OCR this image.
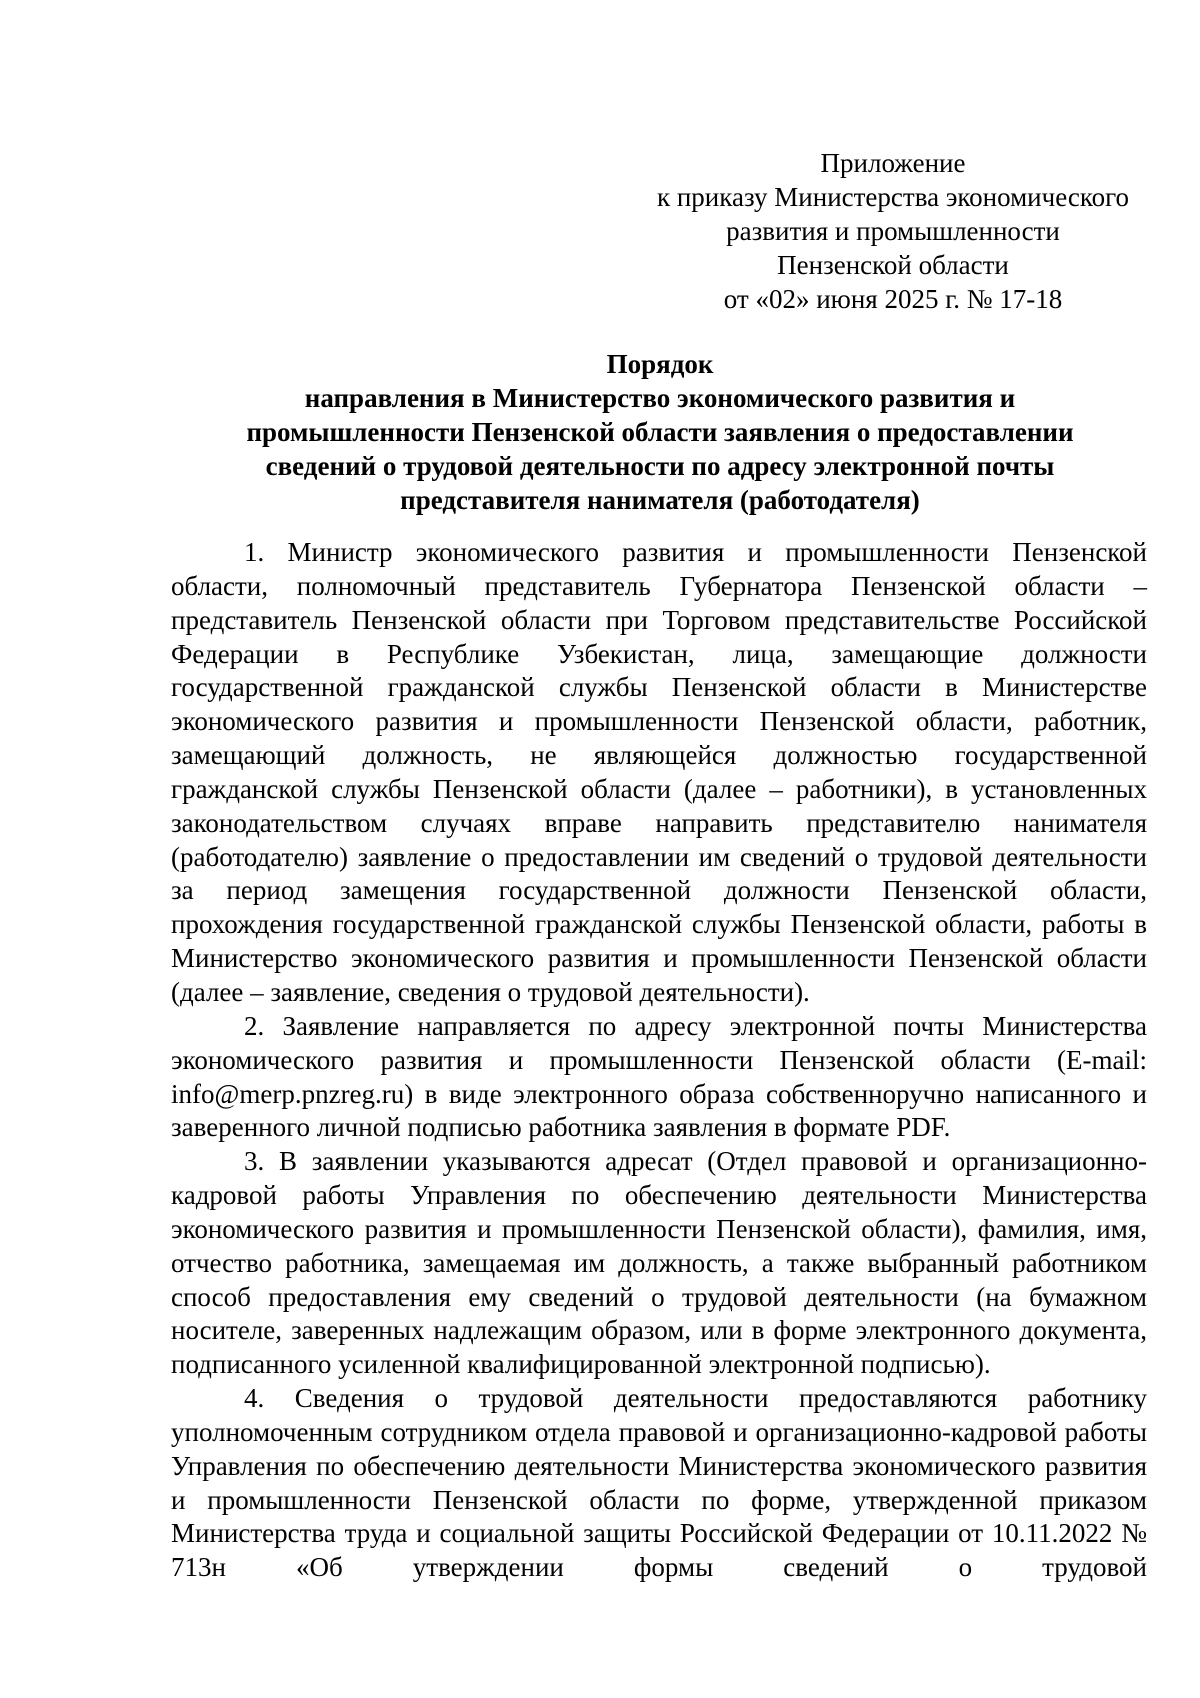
Приложение
к приказу Министерства экономического
развития и промышленности
Пензенской области
от «02» июня 2025 г. № 17-18
Порядок
направления в Министерство экономического развития и
промышленности Пензенской области заявления о предоставлении
сведений о трудовой деятельности по адресу электронной почты
представителя нанимателя (работодателя)

1. Министр экономического развития и промышленности Пензенской области, полномочный представитель Губернатора Пензенской области – представитель Пензенской области при Торговом представительстве Российской Федерации в Республике Узбекистан, лица, замещающие должности государственной гражданской службы Пензенской области в Министерстве экономического развития и промышленности Пензенской области, работник, замещающий должность, не являющейся должностью государственной гражданской службы Пензенской области (далее – работники), в установленных законодательством случаях вправе направить представителю нанимателя (работодателю) заявление о предоставлении им сведений о трудовой деятельности за период замещения государственной должности Пензенской области, прохождения государственной гражданской службы Пензенской области, работы в Министерство экономического развития и промышленности Пензенской области (далее – заявление, сведения о трудовой деятельности).

2. Заявление направляется по адресу электронной почты Министерства экономического развития и промышленности Пензенской области (E-mail: info@merp.pnzreg.ru) в виде электронного образа собственноручно написанного и заверенного личной подписью работника заявления в формате PDF.

3. В заявлении указываются адресат (Отдел правовой и организационно-кадровой работы Управления по обеспечению деятельности Министерства экономического развития и промышленности Пензенской области), фамилия, имя, отчество работника, замещаемая им должность, а также выбранный работником способ предоставления ему сведений о трудовой деятельности (на бумажном носителе, заверенных надлежащим образом, или в форме электронного документа, подписанного усиленной квалифицированной электронной подписью).

4. Сведения о трудовой деятельности предоставляются работнику уполномоченным сотрудником отдела правовой и организационно-кадровой работы Управления по обеспечению деятельности Министерства экономического развития и промышленности Пензенской области по форме, утвержденной приказом Министерства труда и социальной защиты Российской Федерации от 10.11.2022 № 713н «Об утверждении формы сведений о трудовой
